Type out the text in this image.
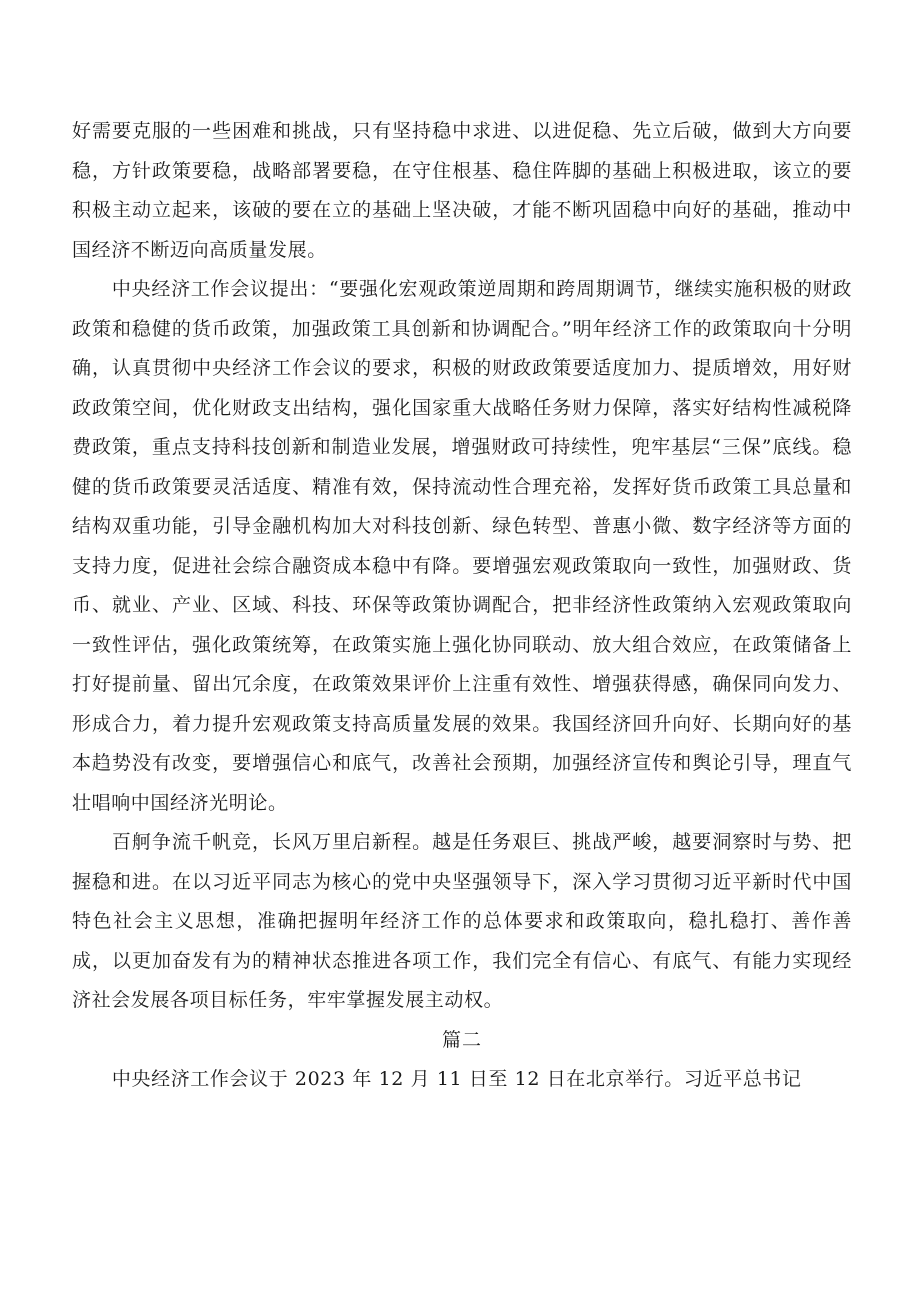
好需要克服的一些困难和挑战，只有坚持稳中求进、以进促稳、先立后破，做到大方向要稳，方针政策要稳，战略部署要稳，在守住根基、稳住阵脚的基础上积极进取，该立的要积极主动立起来，该破的要在立的基础上坚决破，才能不断巩固稳中向好的基础，推动中国经济不断迈向高质量发展。

中央经济工作会议提出：“要强化宏观政策逆周期和跨周期调节，继续实施积极的财政政策和稳健的货币政策，加强政策工具创新和协调配合。”明年经济工作的政策取向十分明确，认真贯彻中央经济工作会议的要求，积极的财政政策要适度加力、提质增效，用好财政政策空间，优化财政支出结构，强化国家重大战略任务财力保障，落实好结构性减税降费政策，重点支持科技创新和制造业发展，增强财政可持续性，兜牢基层“三保”底线。稳健的货币政策要灵活适度、精准有效，保持流动性合理充裕，发挥好货币政策工具总量和结构双重功能，引导金融机构加大对科技创新、绿色转型、普惠小微、数字经济等方面的支持力度，促进社会综合融资成本稳中有降。要增强宏观政策取向一致性，加强财政、货币、就业、产业、区域、科技、环保等政策协调配合，把非经济性政策纳入宏观政策取向一致性评估，强化政策统筹，在政策实施上强化协同联动、放大组合效应，在政策储备上打好提前量、留出冗余度，在政策效果评价上注重有效性、增强获得感，确保同向发力、形成合力，着力提升宏观政策支持高质量发展的效果。我国经济回升向好、长期向好的基本趋势没有改变，要增强信心和底气，改善社会预期，加强经济宣传和舆论引导，理直气壮唱响中国经济光明论。

百舸争流千帆竞，长风万里启新程。越是任务艰巨、挑战严峻，越要洞察时与势、把握稳和进。在以习近平同志为核心的党中央坚强领导下，深入学习贯彻习近平新时代中国特色社会主义思想，准确把握明年经济工作的总体要求和政策取向，稳扎稳打、善作善成，以更加奋发有为的精神状态推进各项工作，我们完全有信心、有底气、有能力实现经济社会发展各项目标任务，牢牢掌握发展主动权。

篇二

中央经济工作会议于 2023 年 12 月 11 日至 12 日在北京举行。习近平总书记
